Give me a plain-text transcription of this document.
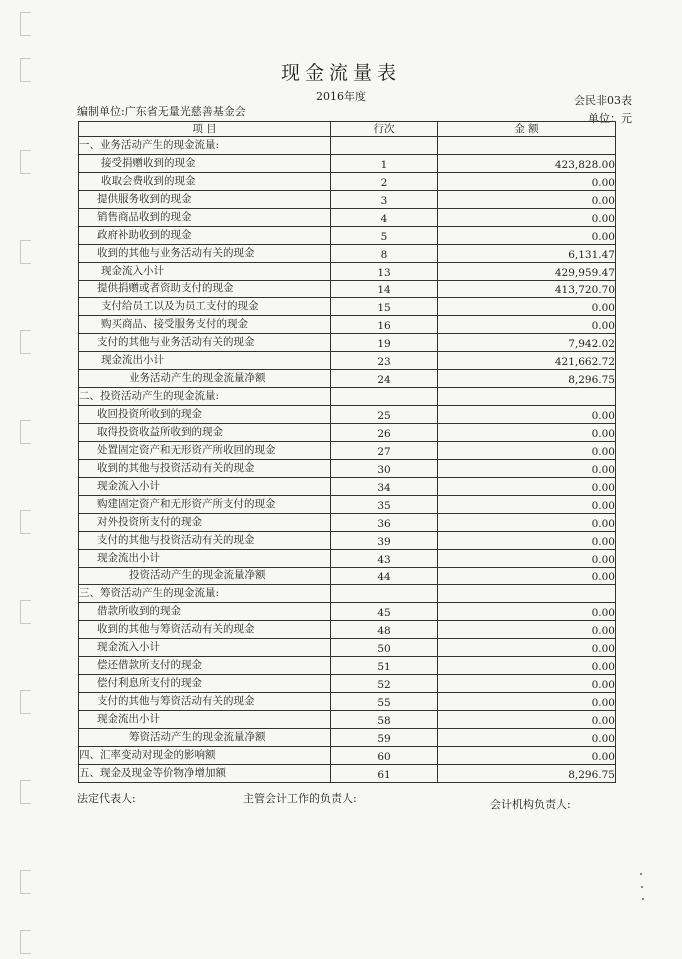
现金流量表
2016年度	会民非03表
编制单位:广东省无量光慈善基金会
单位：元
项 目	行次	金 额
一、业务活动产生的现金流量:		
接受捐赠收到的现金	1	423,828.00
收取会费收到的现金	2	0.00
提供服务收到的现金	3	0.00
销售商品收到的现金	4	0.00
政府补助收到的现金	5	0.00
收到的其他与业务活动有关的现金	8	6,131.47
现金流入小计	13	429,959.47
提供捐赠或者资助支付的现金	14	413,720.70
支付给员工以及为员工支付的现金	15	0.00
购买商品、接受服务支付的现金	16	0.00
支付的其他与业务活动有关的现金	19	7,942.02
现金流出小计	23	421,662.72
业务活动产生的现金流量净额	24	8,296.75
二、投资活动产生的现金流量:		
收回投资所收到的现金	25	0.00
取得投资收益所收到的现金	26	0.00
处置固定资产和无形资产所收回的现金	27	0.00
收到的其他与投资活动有关的现金	30	0.00
现金流入小计	34	0.00
购建固定资产和无形资产所支付的现金	35	0.00
对外投资所支付的现金	36	0.00
支付的其他与投资活动有关的现金	39	0.00
现金流出小计	43	0.00
投资活动产生的现金流量净额	44	0.00
三、筹资活动产生的现金流量:		
借款所收到的现金	45	0.00
收到的其他与筹资活动有关的现金	48	0.00
现金流入小计	50	0.00
偿还借款所支付的现金	51	0.00
偿付利息所支付的现金	52	0.00
支付的其他与筹资活动有关的现金	55	0.00
现金流出小计	58	0.00
筹资活动产生的现金流量净额	59	0.00
四、汇率变动对现金的影响额	60	0.00
五、现金及现金等价物净增加额	61	8,296.75
法定代表人:	主管会计工作的负责人:	会计机构负责人:
